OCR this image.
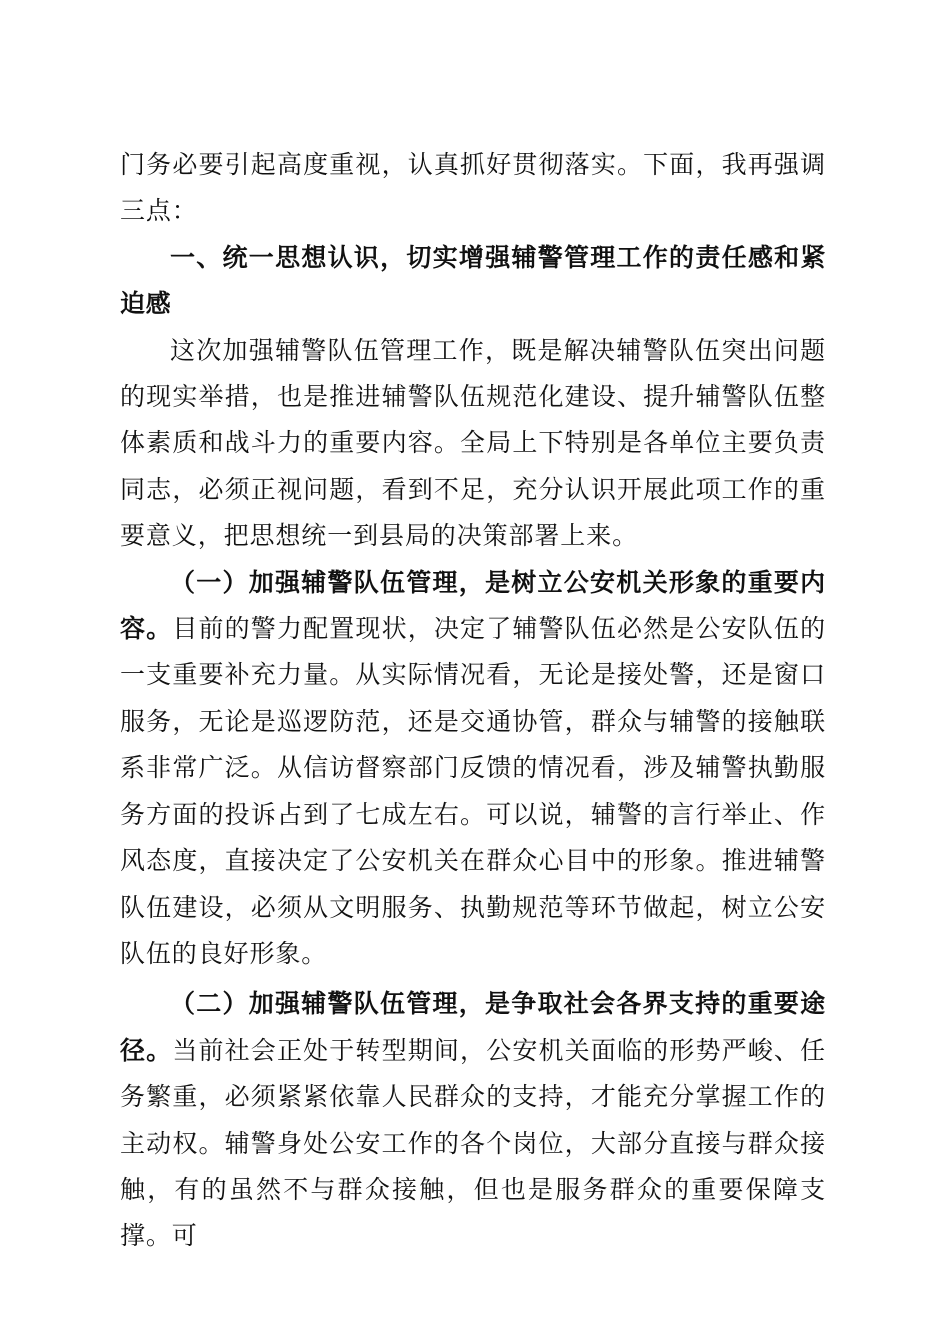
门务必要引起高度重视，认真抓好贯彻落实。下面，我再强调三点：

一、统一思想认识，切实增强辅警管理工作的责任感和紧迫感

这次加强辅警队伍管理工作，既是解决辅警队伍突出问题的现实举措，也是推进辅警队伍规范化建设、提升辅警队伍整体素质和战斗力的重要内容。全局上下特别是各单位主要负责同志，必须正视问题，看到不足，充分认识开展此项工作的重要意义，把思想统一到县局的决策部署上来。

（一）加强辅警队伍管理，是树立公安机关形象的重要内容。目前的警力配置现状，决定了辅警队伍必然是公安队伍的一支重要补充力量。从实际情况看，无论是接处警，还是窗口服务，无论是巡逻防范，还是交通协管，群众与辅警的接触联系非常广泛。从信访督察部门反馈的情况看，涉及辅警执勤服务方面的投诉占到了七成左右。可以说，辅警的言行举止、作风态度，直接决定了公安机关在群众心目中的形象。推进辅警队伍建设，必须从文明服务、执勤规范等环节做起，树立公安队伍的良好形象。

（二）加强辅警队伍管理，是争取社会各界支持的重要途径。当前社会正处于转型期间，公安机关面临的形势严峻、任务繁重，必须紧紧依靠人民群众的支持，才能充分掌握工作的主动权。辅警身处公安工作的各个岗位，大部分直接与群众接触，有的虽然不与群众接触，但也是服务群众的重要保障支撑。可
